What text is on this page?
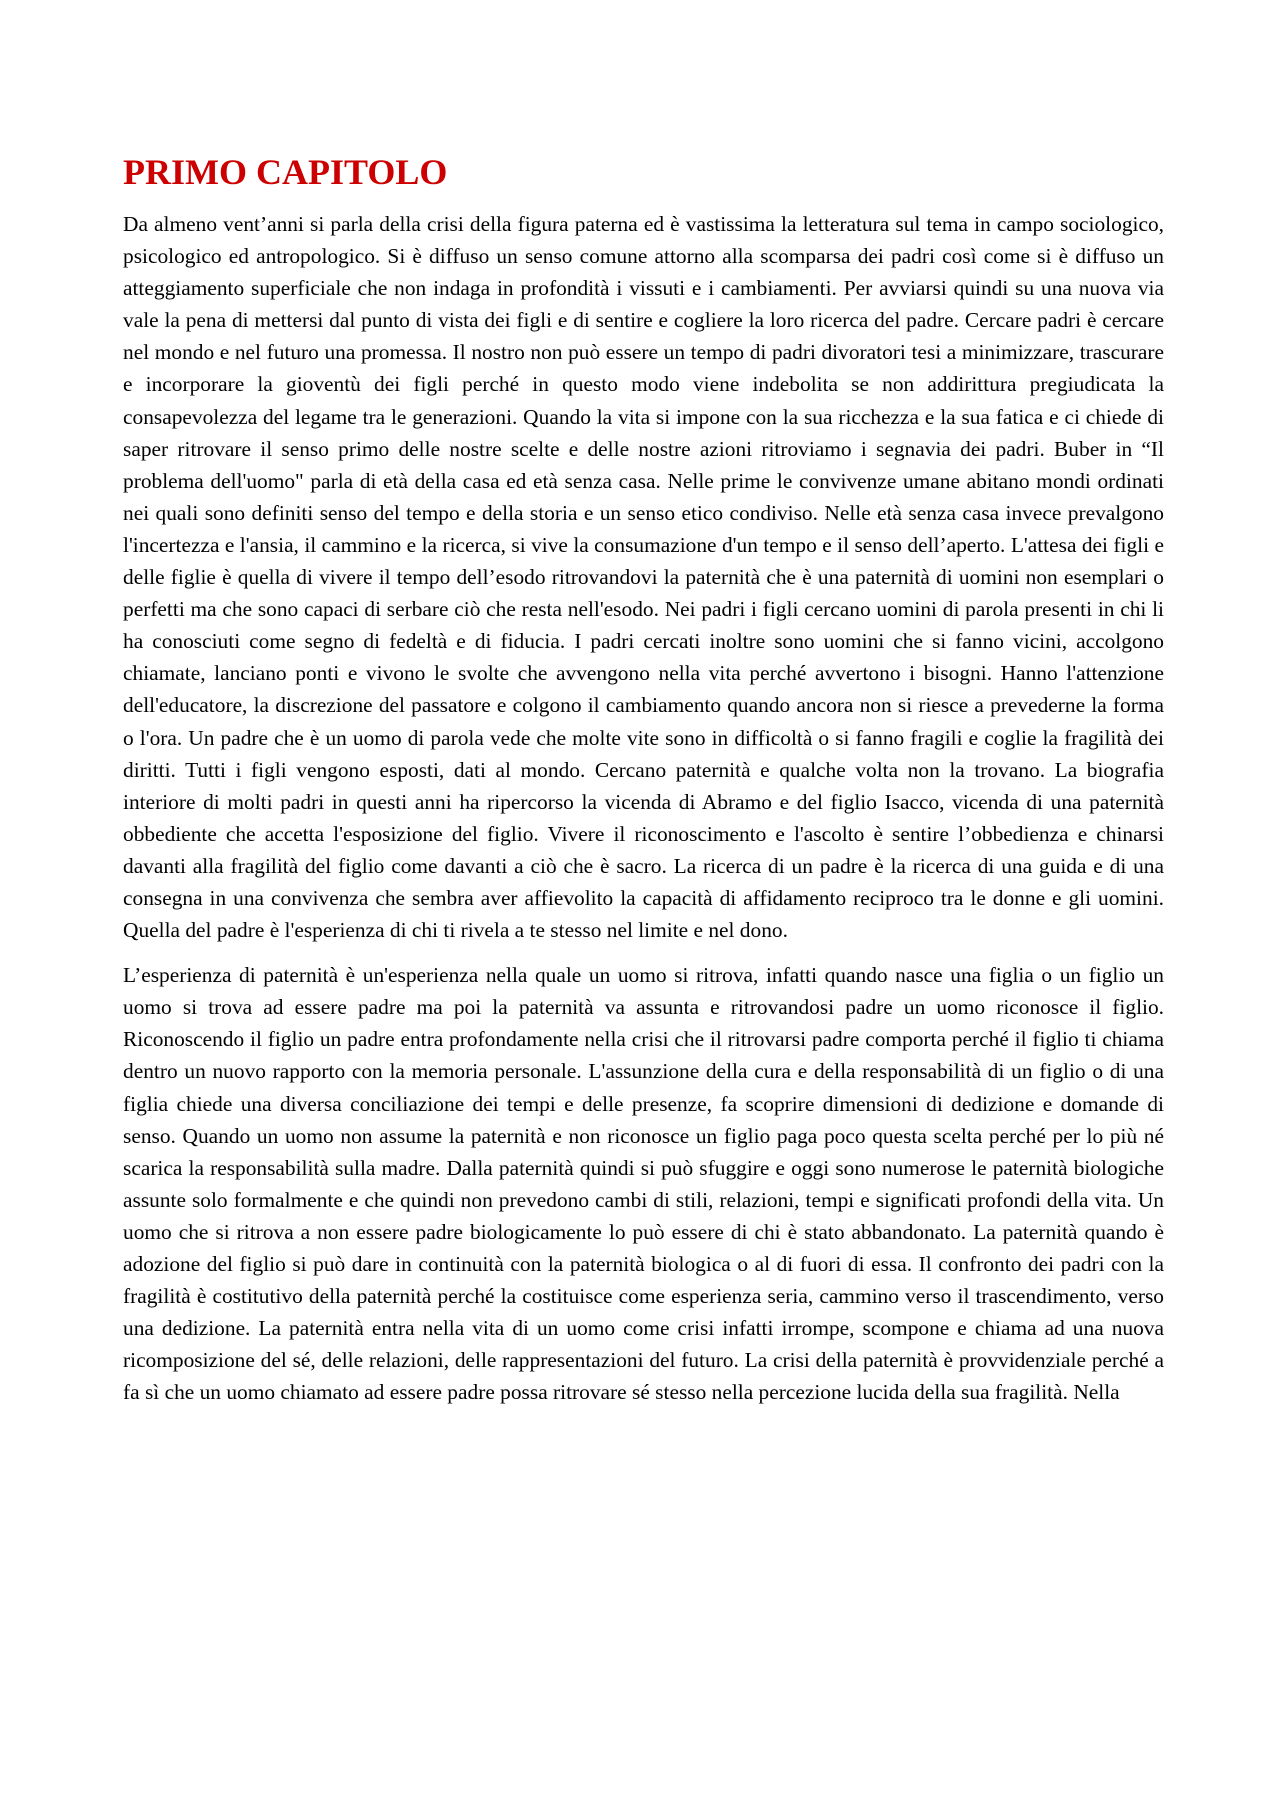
PRIMO CAPITOLO

Da almeno vent’anni si parla della crisi della figura paterna ed è vastissima la letteratura sul tema in campo sociologico, psicologico ed antropologico. Si è diffuso un senso comune attorno alla scomparsa dei padri così come si è diffuso un atteggiamento superficiale che non indaga in profondità i vissuti e i cambiamenti. Per avviarsi quindi su una nuova via vale la pena di mettersi dal punto di vista dei figli e di sentire e cogliere la loro ricerca del padre. Cercare padri è cercare nel mondo e nel futuro una promessa. Il nostro non può essere un tempo di padri divoratori tesi a minimizzare, trascurare e incorporare la gioventù dei figli perché in questo modo viene indebolita se non addirittura pregiudicata la consapevolezza del legame tra le generazioni. Quando la vita si impone con la sua ricchezza e la sua fatica e ci chiede di saper ritrovare il senso primo delle nostre scelte e delle nostre azioni ritroviamo i segnavia dei padri. Buber in “Il problema dell'uomo" parla di età della casa ed età senza casa. Nelle prime le convivenze umane abitano mondi ordinati nei quali sono definiti senso del tempo e della storia e un senso etico condiviso. Nelle età senza casa invece prevalgono l'incertezza e l'ansia, il cammino e la ricerca, si vive la consumazione d'un tempo e il senso dell’aperto. L'attesa dei figli e delle figlie è quella di vivere il tempo dell’esodo ritrovandovi la paternità che è una paternità di uomini non esemplari o perfetti ma che sono capaci di serbare ciò che resta nell'esodo. Nei padri i figli cercano uomini di parola presenti in chi li ha conosciuti come segno di fedeltà e di fiducia. I padri cercati inoltre sono uomini che si fanno vicini, accolgono chiamate, lanciano ponti e vivono le svolte che avvengono nella vita perché avvertono i bisogni. Hanno l'attenzione dell'educatore, la discrezione del passatore e colgono il cambiamento quando ancora non si riesce a prevederne la forma o l'ora. Un padre che è un uomo di parola vede che molte vite sono in difficoltà o si fanno fragili e coglie la fragilità dei diritti. Tutti i figli vengono esposti, dati al mondo. Cercano paternità e qualche volta non la trovano. La biografia interiore di molti padri in questi anni ha ripercorso la vicenda di Abramo e del figlio Isacco, vicenda di una paternità obbediente che accetta l'esposizione del figlio. Vivere il riconoscimento e l'ascolto è sentire l’obbedienza e chinarsi davanti alla fragilità del figlio come davanti a ciò che è sacro. La ricerca di un padre è la ricerca di una guida e di una consegna in una convivenza che sembra aver affievolito la capacità di affidamento reciproco tra le donne e gli uomini. Quella del padre è l'esperienza di chi ti rivela a te stesso nel limite e nel dono.

L’esperienza di paternità è un'esperienza nella quale un uomo si ritrova, infatti quando nasce una figlia o un figlio un uomo si trova ad essere padre ma poi la paternità va assunta e ritrovandosi padre un uomo riconosce il figlio. Riconoscendo il figlio un padre entra profondamente nella crisi che il ritrovarsi padre comporta perché il figlio ti chiama dentro un nuovo rapporto con la memoria personale. L'assunzione della cura e della responsabilità di un figlio o di una figlia chiede una diversa conciliazione dei tempi e delle presenze, fa scoprire dimensioni di dedizione e domande di senso. Quando un uomo non assume la paternità e non riconosce un figlio paga poco questa scelta perché per lo più né scarica la responsabilità sulla madre. Dalla paternità quindi si può sfuggire e oggi sono numerose le paternità biologiche assunte solo formalmente e che quindi non prevedono cambi di stili, relazioni, tempi e significati profondi della vita. Un uomo che si ritrova a non essere padre biologicamente lo può essere di chi è stato abbandonato. La paternità quando è adozione del figlio si può dare in continuità con la paternità biologica o al di fuori di essa. Il confronto dei padri con la fragilità è costitutivo della paternità perché la costituisce come esperienza seria, cammino verso il trascendimento, verso una dedizione. La paternità entra nella vita di un uomo come crisi infatti irrompe, scompone e chiama ad una nuova ricomposizione del sé, delle relazioni, delle rappresentazioni del futuro. La crisi della paternità è provvidenziale perché a fa sì che un uomo chiamato ad essere padre possa ritrovare sé stesso nella percezione lucida della sua fragilità. Nella
